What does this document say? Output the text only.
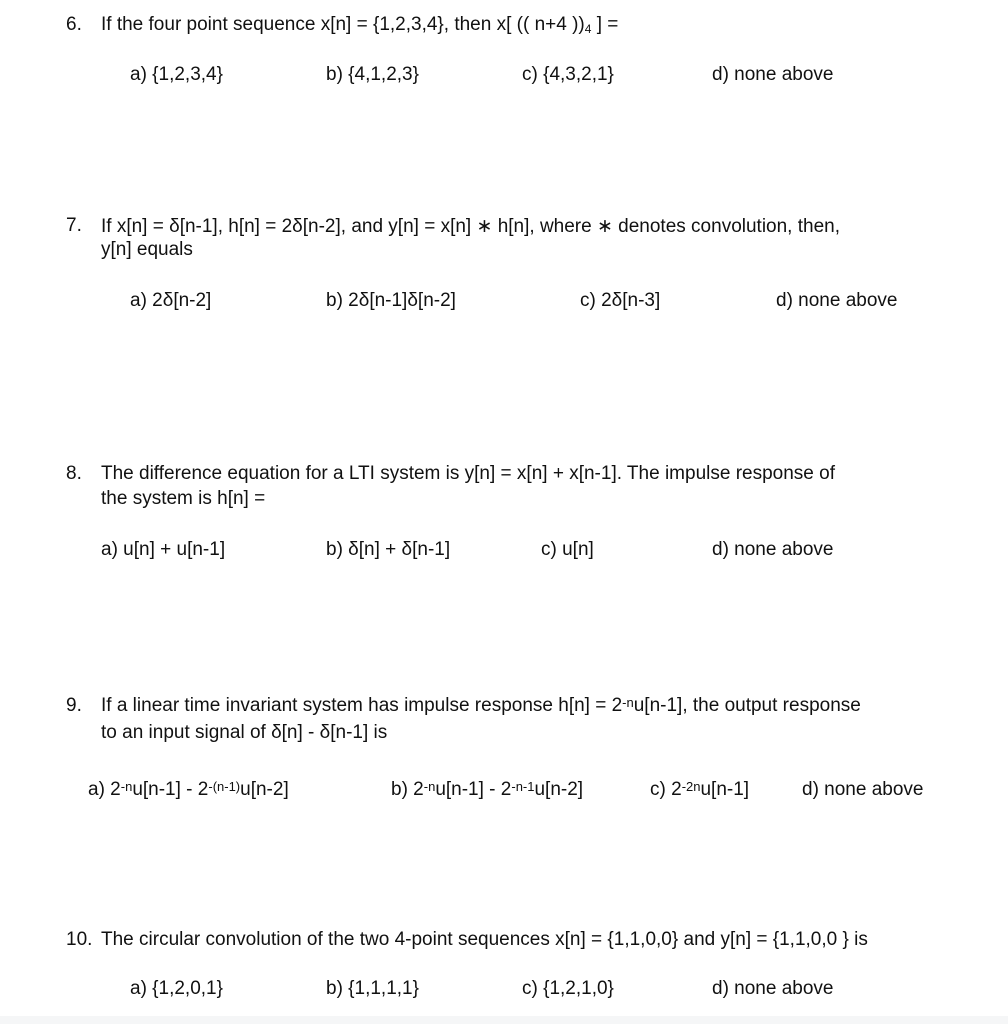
6. If the four point sequence x[n] = {1,2,3,4}, then x[ (( n+4 ))$_4$ ] =
a) {1,2,3,4}	b) {4,1,2,3}	c) {4,3,2,1}	d) none above
7. If x[n] = δ[n-1], h[n] = 2δ[n-2], and y[n] = x[n] ∗ h[n], where ∗ denotes convolution, then,
y[n] equals
a) 2δ[n-2]	b) 2δ[n-1]δ[n-2]	c) 2δ[n-3]	d) none above
8. The difference equation for a LTI system is y[n] = x[n] + x[n-1]. The impulse response of
the system is h[n] =
a) u[n] + u[n-1]	b) δ[n] + δ[n-1]	c) u[n]	d) none above
9. If a linear time invariant system has impulse response $h[n] = 2^{-n}u[n-1]$, the output response
to an input signal of δ[n] - δ[n-1] is
a) $2^{-n}u[n-1] - 2^{-(n-1)}u[n-2]$	b) $2^{-n}u[n-1] - 2^{-n-1}u[n-2]$	c) $2^{-2n}u[n-1]$	d) none above
10. The circular convolution of the two 4-point sequences x[n] = {1,1,0,0} and y[n] = {1,1,0,0 } is
a) {1,2,0,1}	b) {1,1,1,1}	c) {1,2,1,0}	d) none above
